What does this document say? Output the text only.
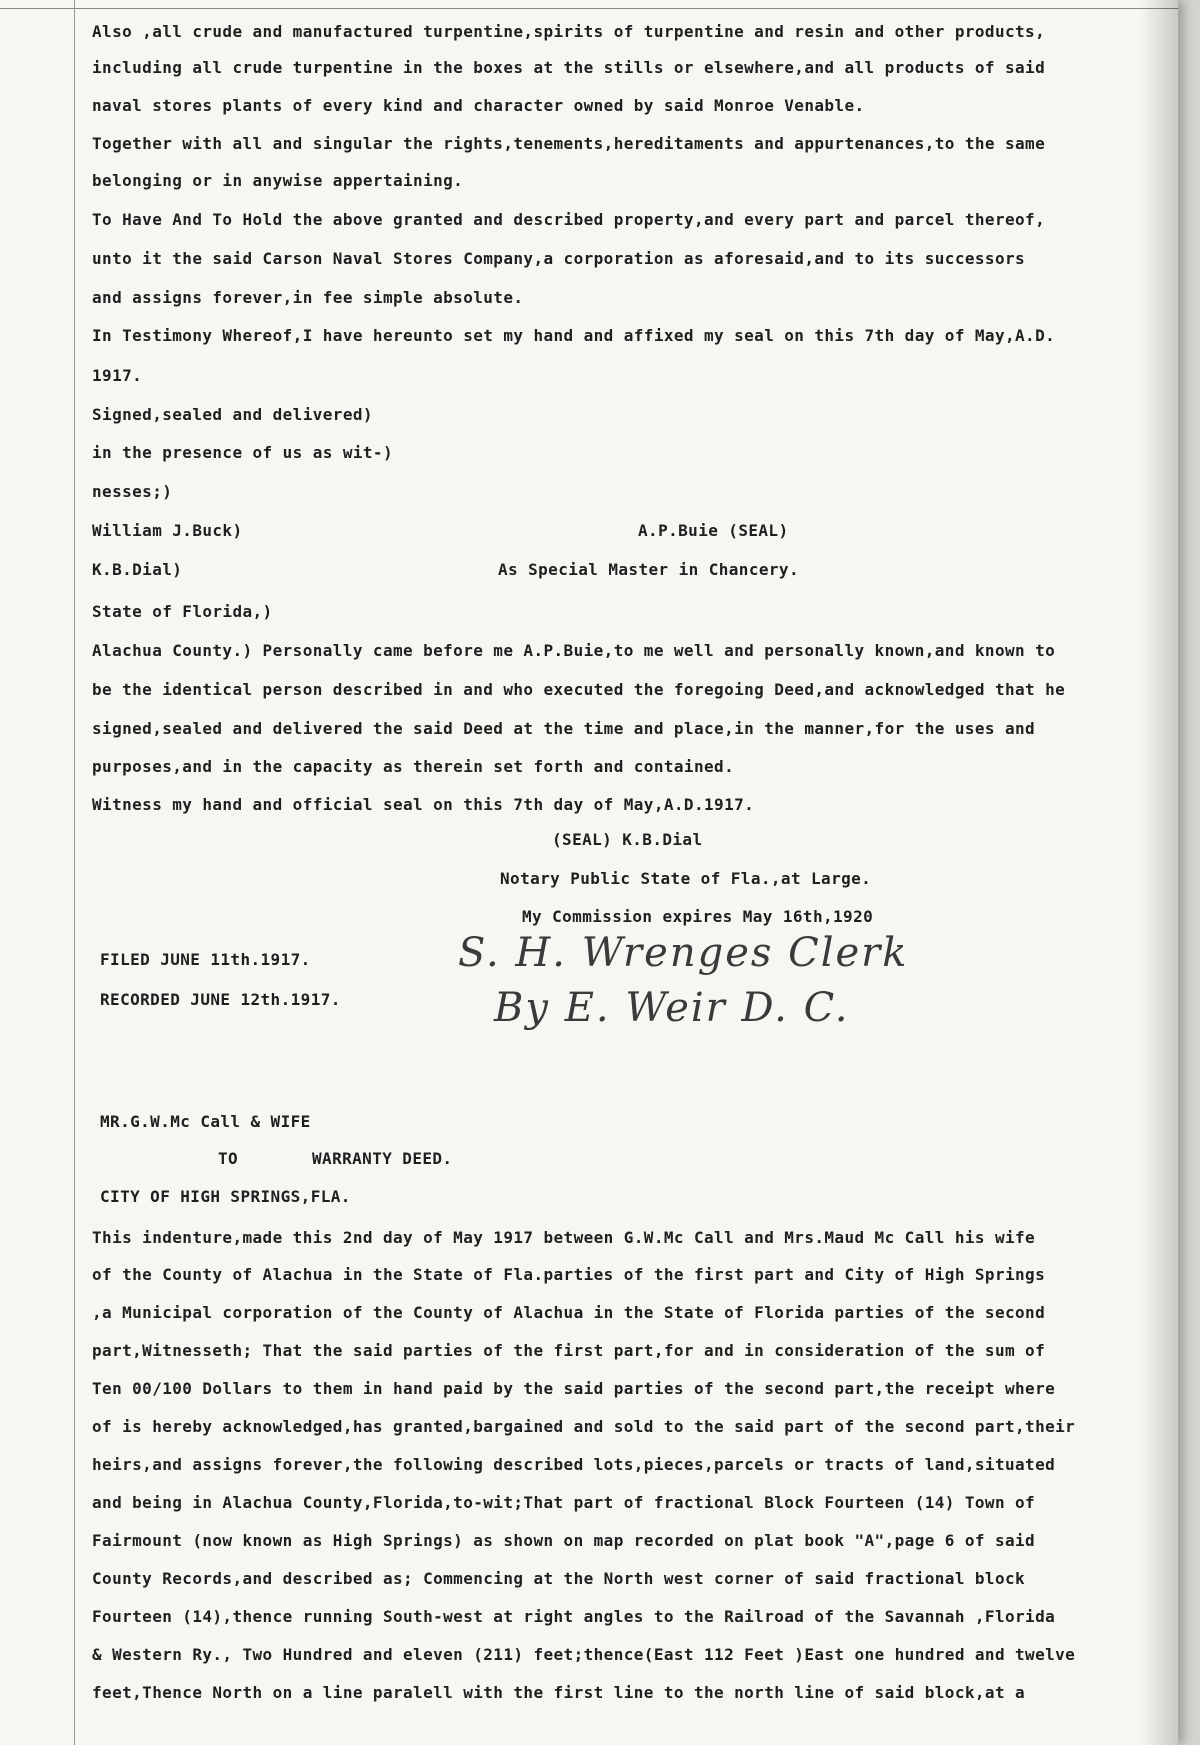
Also ,all crude and manufactured turpentine,spirits of turpentine and resin and other products,
including all crude turpentine in the boxes at the stills or elsewhere,and all products of said
naval stores plants of every kind and character owned by said Monroe Venable.
Together with all and singular the rights,tenements,hereditaments and appurtenances,to the same
belonging or in anywise appertaining.
To Have And To Hold the above granted and described property,and every part and parcel thereof,
unto it the said Carson Naval Stores Company,a corporation as aforesaid,and to its successors
and assigns forever,in fee simple absolute.
In Testimony Whereof,I have hereunto set my hand and affixed my seal on this 7th day of May,A.D.
1917.
Signed,sealed and delivered)
in the presence of us as wit-)
nesses;)
William J.Buck)	A.P.Buie (SEAL)
K.B.Dial)	As Special Master in Chancery.
State of Florida,)
Alachua County.) Personally came before me A.P.Buie,to me well and personally known,and known to
be the identical person described in and who executed the foregoing Deed,and acknowledged that he
signed,sealed and delivered the said Deed at the time and place,in the manner,for the uses and
purposes,and in the capacity as therein set forth and contained.
Witness my hand and official seal on this 7th day of May,A.D.1917.
(SEAL) K.B.Dial
Notary Public State of Fla.,at Large.
My Commission expires May 16th,1920
FILED JUNE 11th.1917.
RECORDED JUNE 12th.1917.
S. H. Wrenges Clerk
By E. Weir D. C.
MR.G.W.Mc Call & WIFE
TO	WARRANTY DEED.
CITY OF HIGH SPRINGS,FLA.
This indenture,made this 2nd day of May 1917 between G.W.Mc Call and Mrs.Maud Mc Call his wife
of the County of Alachua in the State of Fla.parties of the first part and City of High Springs
,a Municipal corporation of the County of Alachua in the State of Florida parties of the second
part,Witnesseth; That the said parties of the first part,for and in consideration of the sum of
Ten 00/100 Dollars to them in hand paid by the said parties of the second part,the receipt where
of is hereby acknowledged,has granted,bargained and sold to the said part of the second part,their
heirs,and assigns forever,the following described lots,pieces,parcels or tracts of land,situated
and being in Alachua County,Florida,to-wit;That part of fractional Block Fourteen (14) Town of
Fairmount (now known as High Springs) as shown on map recorded on plat book "A",page 6 of said
County Records,and described as; Commencing at the North west corner of said fractional block
Fourteen (14),thence running South-west at right angles to the Railroad of the Savannah ,Florida
& Western Ry., Two Hundred and eleven (211) feet;thence(East 112 Feet )East one hundred and twelve
feet,Thence North on a line paralell with the first line to the north line of said block,at a
